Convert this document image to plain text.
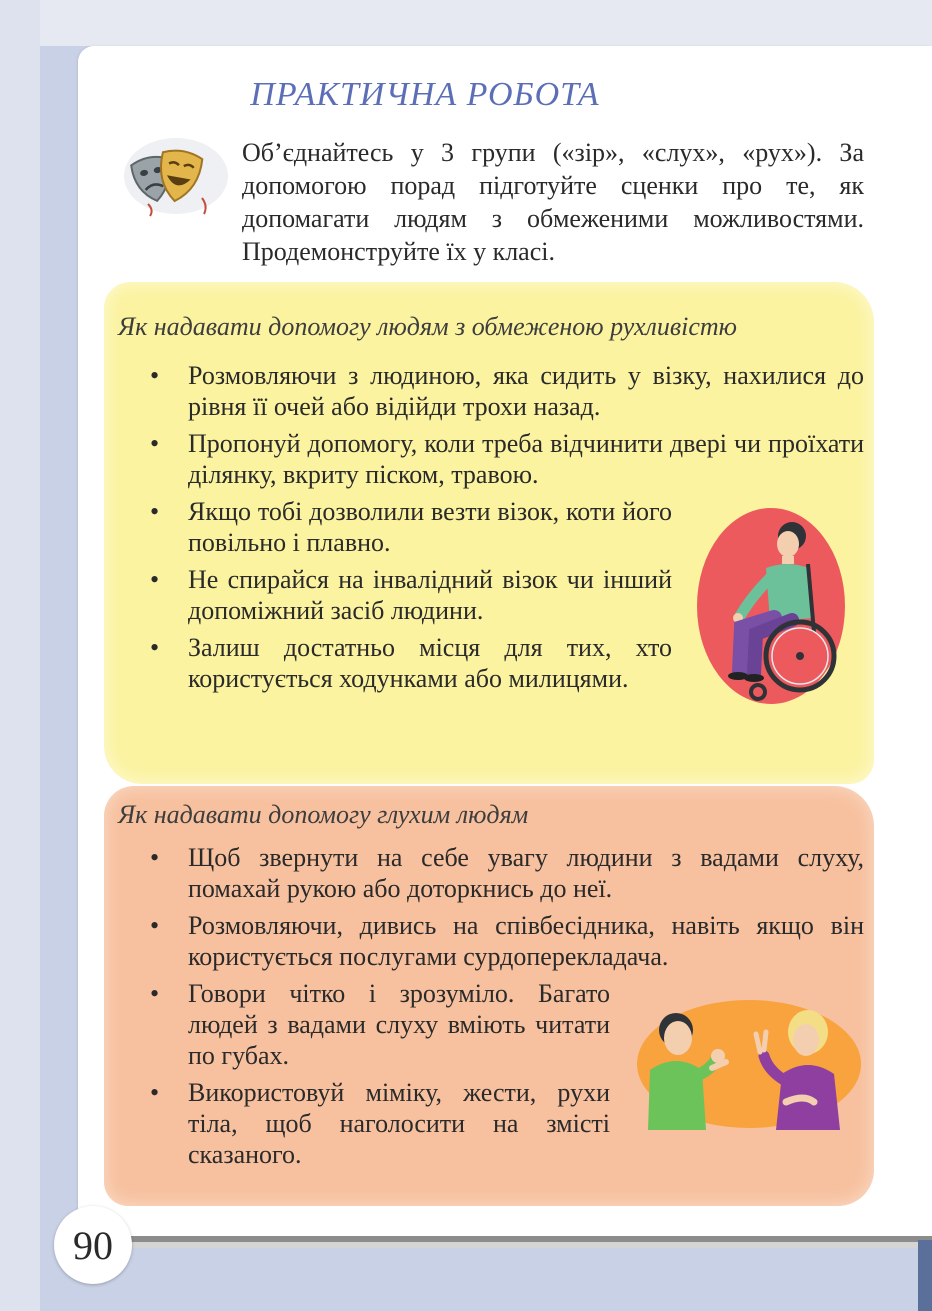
ПРАКТИЧНА РОБОТА

Об’єднайтесь у 3 групи («зір», «слух», «рух»). За допомогою порад підготуйте сценки про те, як допомагати людям з обмеженими можливостями. Продемонструйте їх у класі.

Як надавати допомогу людям з обмеженою рухливістю
• Розмовляючи з людиною, яка сидить у візку, нахилися до рівня її очей або відійди трохи назад.
• Пропонуй допомогу, коли треба відчинити двері чи проїхати ділянку, вкриту піском, травою.
• Якщо тобі дозволили везти візок, коти його повільно і плавно.
• Не спирайся на інвалідний візок чи інший допоміжний засіб людини.
• Залиш достатньо місця для тих, хто користується ходунками або милицями.
Як надавати допомогу глухим людям
• Щоб звернути на себе увагу людини з вадами слуху, помахай рукою або доторкнись до неї.
• Розмовляючи, дивись на співбесідника, навіть якщо він користується послугами сурдоперекладача.
• Говори чітко і зрозуміло. Багато людей з вадами слуху вміють читати по губах.
• Використовуй міміку, жести, рухи тіла, щоб наголосити на змісті сказаного.
90
